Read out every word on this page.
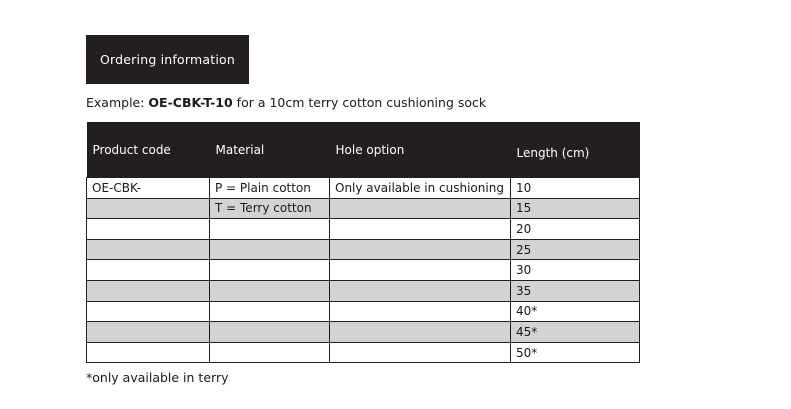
Ordering information
Example: OE-CBK-T-10 for a 10cm terry cotton cushioning sock
Product code	Material	Hole option	Length (cm)
OE-CBK-	P = Plain cotton	Only available in cushioning	10
	T = Terry cotton		15
			20
			25
			30
			35
			40*
			45*
			50*
*only available in terry
